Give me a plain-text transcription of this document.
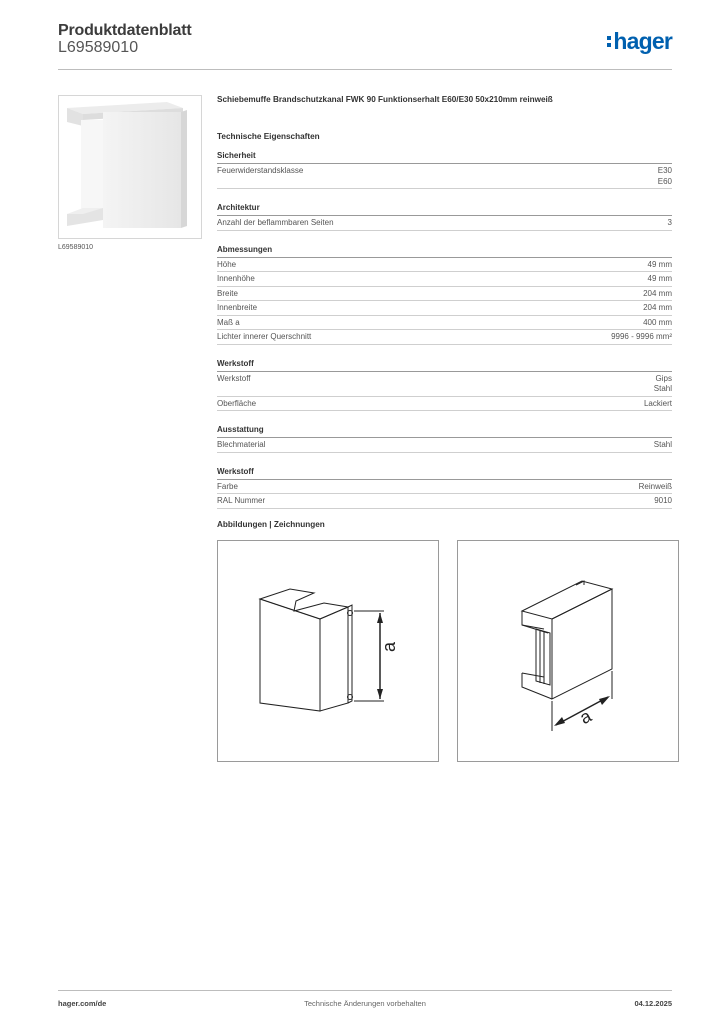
Produktdatenblatt
L69589010	hager
L69589010
Schiebemuffe Brandschutzkanal FWK 90 Funktionserhalt E60/E30 50x210mm reinweiß
Technische Eigenschaften
Sicherheit
Feuerwiderstandsklasse	E30
E60
Architektur
Anzahl der beflammbaren Seiten	3
Abmessungen
Höhe	49 mm
Innenhöhe	49 mm
Breite	204 mm
Innenbreite	204 mm
Maß a	400 mm
Lichter innerer Querschnitt	9996 - 9996 mm²
Werkstoff
Werkstoff	Gips
Stahl
Oberfläche	Lackiert
Ausstattung
Blechmaterial	Stahl
Werkstoff
Farbe	Reinweiß
RAL Nummer	9010
Abbildungen | Zeichnungen
a
a
hager.com/de	Technische Änderungen vorbehalten	04.12.2025
